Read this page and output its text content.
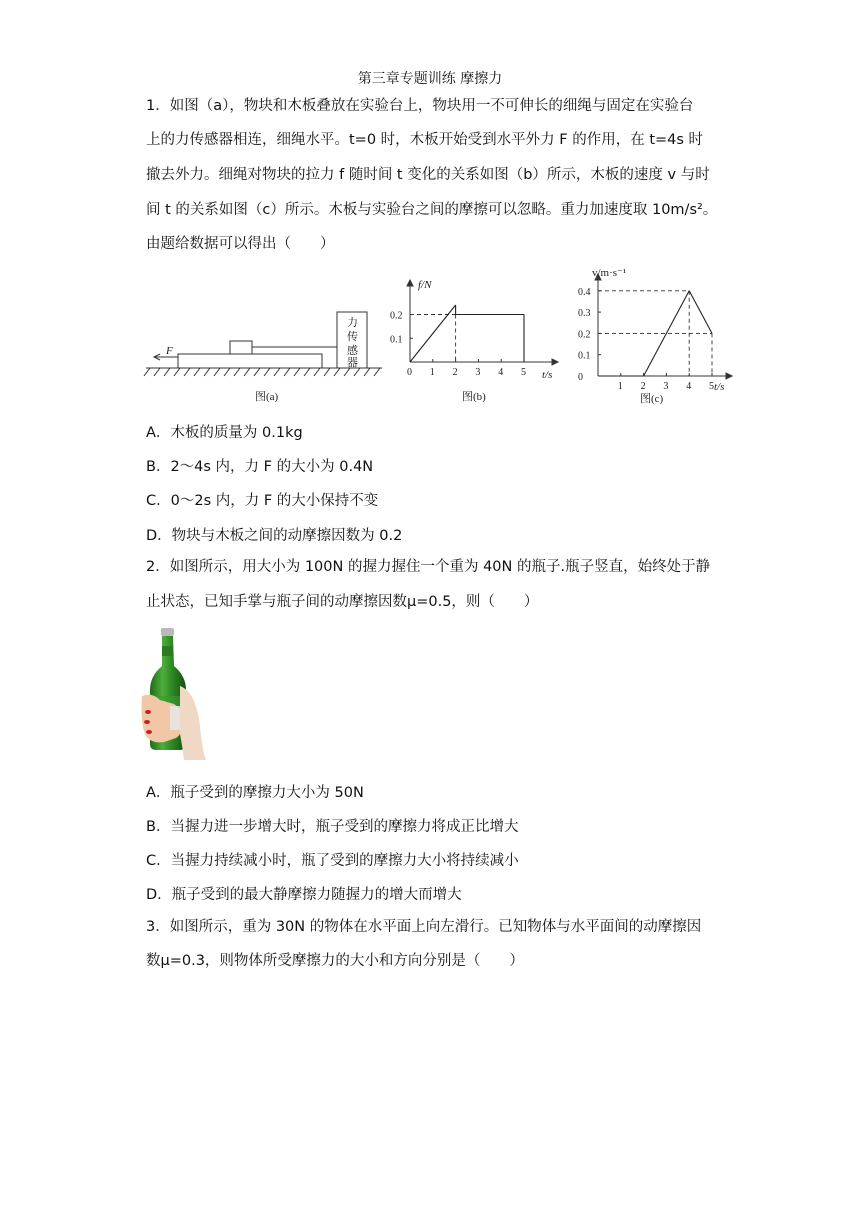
第三章专题训练 摩擦力
1．如图（a），物块和木板叠放在实验台上，物块用一不可伸长的细绳与固定在实验台
上的力传感器相连，细绳水平。t=0 时，木板开始受到水平外力 F 的作用，在 t=4s 时
撤去外力。细绳对物块的拉力 f 随时间 t 变化的关系如图（b）所示，木板的速度 v 与时
间 t 的关系如图（c）所示。木板与实验台之间的摩擦可以忽略。重力加速度取 10m/s²。
由题给数据可以得出（　　）
F
力
传
感
器
图(a)
f/N
t/s
0 1 2 3 4 5
0.1
0.2
图(b)
v/m·s⁻¹
t/s
1 2 3 4 5
0
0.1
0.2
0.3
0.4
图(c)
A．木板的质量为 0.1kg
B．2～4s 内，力 F 的大小为 0.4N
C．0～2s 内，力 F 的大小保持不变
D．物块与木板之间的动摩擦因数为 0.2
2．如图所示，用大小为 100N 的握力握住一个重为 40N 的瓶子.瓶子竖直，始终处于静
止状态，已知手掌与瓶子间的动摩擦因数μ=0.5，则（　　）
A．瓶子受到的摩擦力大小为 50N
B．当握力进一步增大时，瓶子受到的摩擦力将成正比增大
C．当握力持续减小时，瓶了受到的摩擦力大小将持续减小
D．瓶子受到的最大静摩擦力随握力的增大而增大
3．如图所示，重为 30N 的物体在水平面上向左滑行。已知物体与水平面间的动摩擦因
数μ=0.3，则物体所受摩擦力的大小和方向分别是（　　）
